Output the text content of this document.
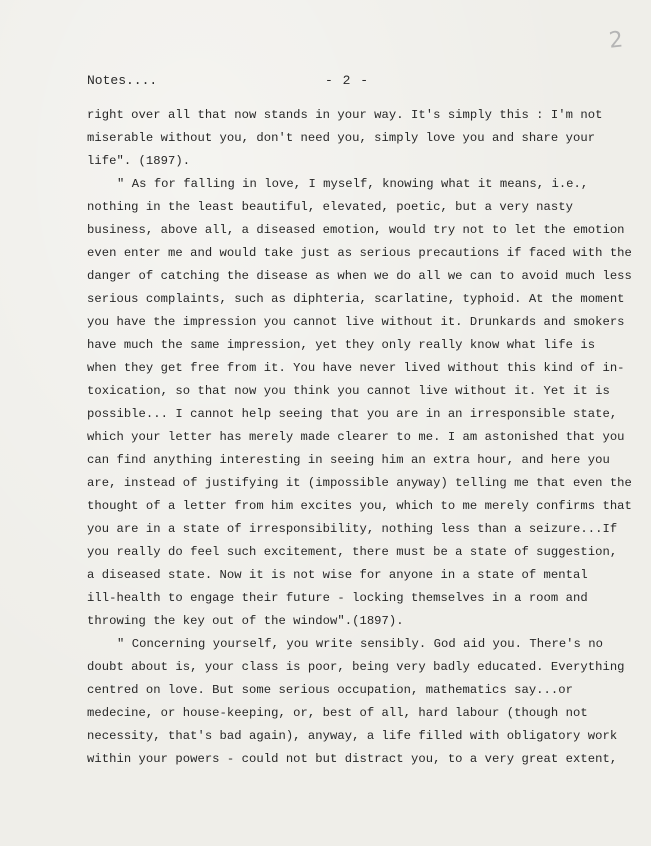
2
Notes....	- 2 -
right over all that now stands in your way. It's simply this : I'm not
miserable without you, don't need you, simply love you and share your
life". (1897).
" As for falling in love, I myself, knowing what it means, i.e.,
nothing in the least beautiful, elevated, poetic, but a very nasty
business, above all, a diseased emotion, would try not to let the emotion
even enter me and would take just as serious precautions if faced with the
danger of catching the disease as when we do all we can to avoid much less
serious complaints, such as diphteria, scarlatine, typhoid. At the moment
you have the impression you cannot live without it. Drunkards and smokers
have much the same impression, yet they only really know what life is
when they get free from it. You have never lived without this kind of in-
toxication, so that now you think you cannot live without it. Yet it is
possible... I cannot help seeing that you are in an irresponsible state,
which your letter has merely made clearer to me. I am astonished that you
can find anything interesting in seeing him an extra hour, and here you
are, instead of justifying it (impossible anyway) telling me that even the
thought of a letter from him excites you, which to me merely confirms that
you are in a state of irresponsibility, nothing less than a seizure...If
you really do feel such excitement, there must be a state of suggestion,
a diseased state. Now it is not wise for anyone in a state of mental
ill-health to engage their future - locking themselves in a room and
throwing the key out of the window".(1897).
" Concerning yourself, you write sensibly. God aid you. There's no
doubt about is, your class is poor, being very badly educated. Everything
centred on love. But some serious occupation, mathematics say...or
medecine, or house-keeping, or, best of all, hard labour (though not
necessity, that's bad again), anyway, a life filled with obligatory work
within your powers - could not but distract you, to a very great extent,
